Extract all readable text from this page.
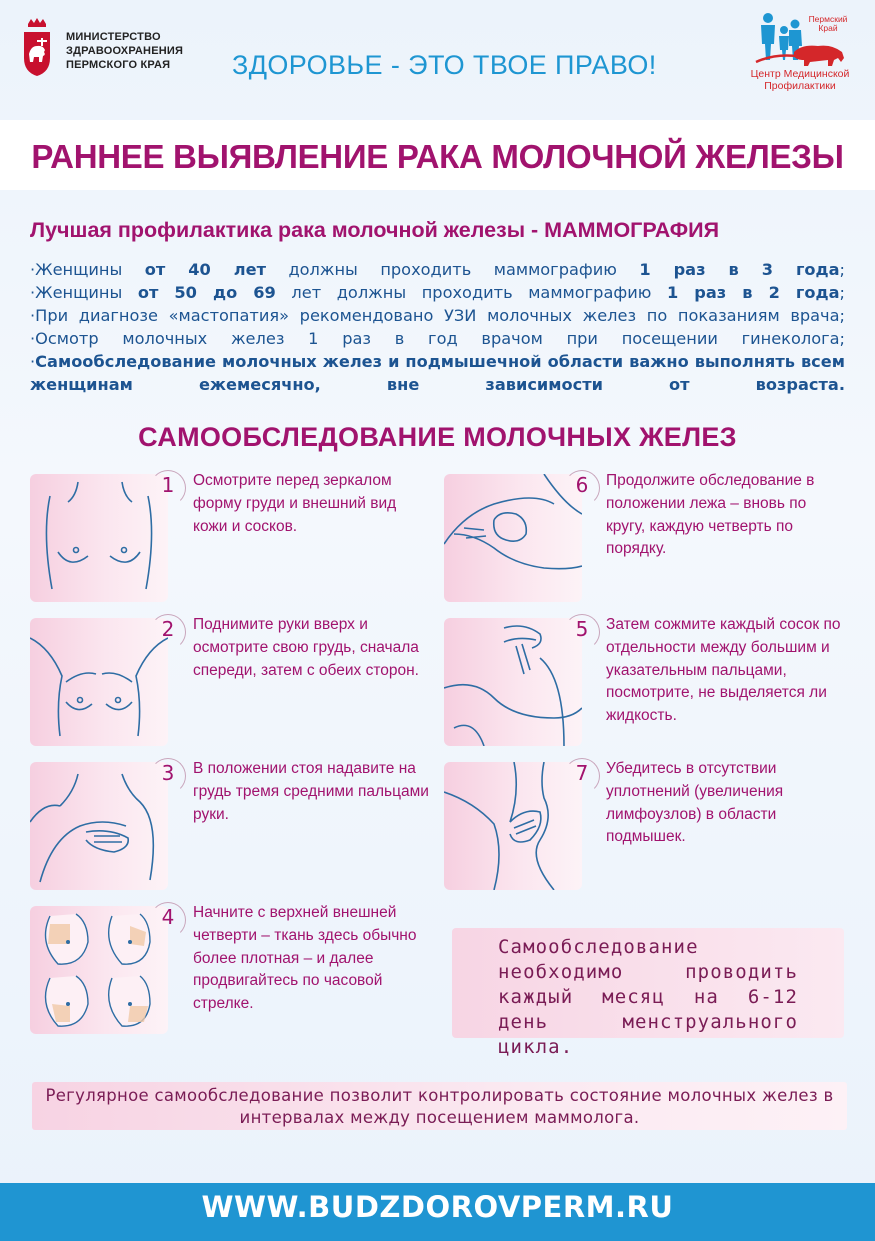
МИНИСТЕРСТВО ЗДРАВООХРАНЕНИЯ ПЕРМСКОГО КРАЯ	ЗДОРОВЬЕ - ЭТО ТВОЕ ПРАВО!
Пермский Край
Центр Медицинской Профилактики
РАННЕЕ ВЫЯВЛЕНИЕ РАКА МОЛОЧНОЙ ЖЕЛЕЗЫ
Лучшая профилактика рака молочной железы - МАММОГРАФИЯ
·Женщины от 40 лет должны проходить маммографию 1 раз в 3 года;
·Женщины от 50 до 69 лет должны проходить маммографию 1 раз в 2 года;
·При диагнозе «мастопатия» рекомендовано УЗИ молочных желез по показаниям врача;
·Осмотр молочных желез 1 раз в год врачом при посещении гинеколога;
·Самообследование молочных желез и подмышечной области важно выполнять всем женщинам ежемесячно, вне зависимости от возраста.
САМООБСЛЕДОВАНИЕ МОЛОЧНЫХ ЖЕЛЕЗ
1	Осмотрите перед зеркалом форму груди и внешний вид кожи и сосков.
2	Поднимите руки вверх и осмотрите свою грудь, сначала спереди, затем с обеих сторон.
3	В положении стоя надавите на грудь тремя средними пальцами руки.
4	Начните с верхней внешней четверти – ткань здесь обычно более плотная – и далее продвигайтесь по часовой стрелке.
6	Продолжите обследование в положении лежа – вновь по кругу, каждую четверть по порядку.
5	Затем сожмите каждый сосок по отдельности между большим и указательным пальцами, посмотрите, не выделяется ли жидкость.
7	Убедитесь в отсутствии уплотнений (увеличения лимфоузлов) в области подмышек.
Самообследование необходимо проводить каждый месяц на 6-12 день менструального цикла.
Регулярное самообследование позволит контролировать состояние молочных желез в интервалах между посещением маммолога.
WWW.BUDZDOROVPERM.RU
